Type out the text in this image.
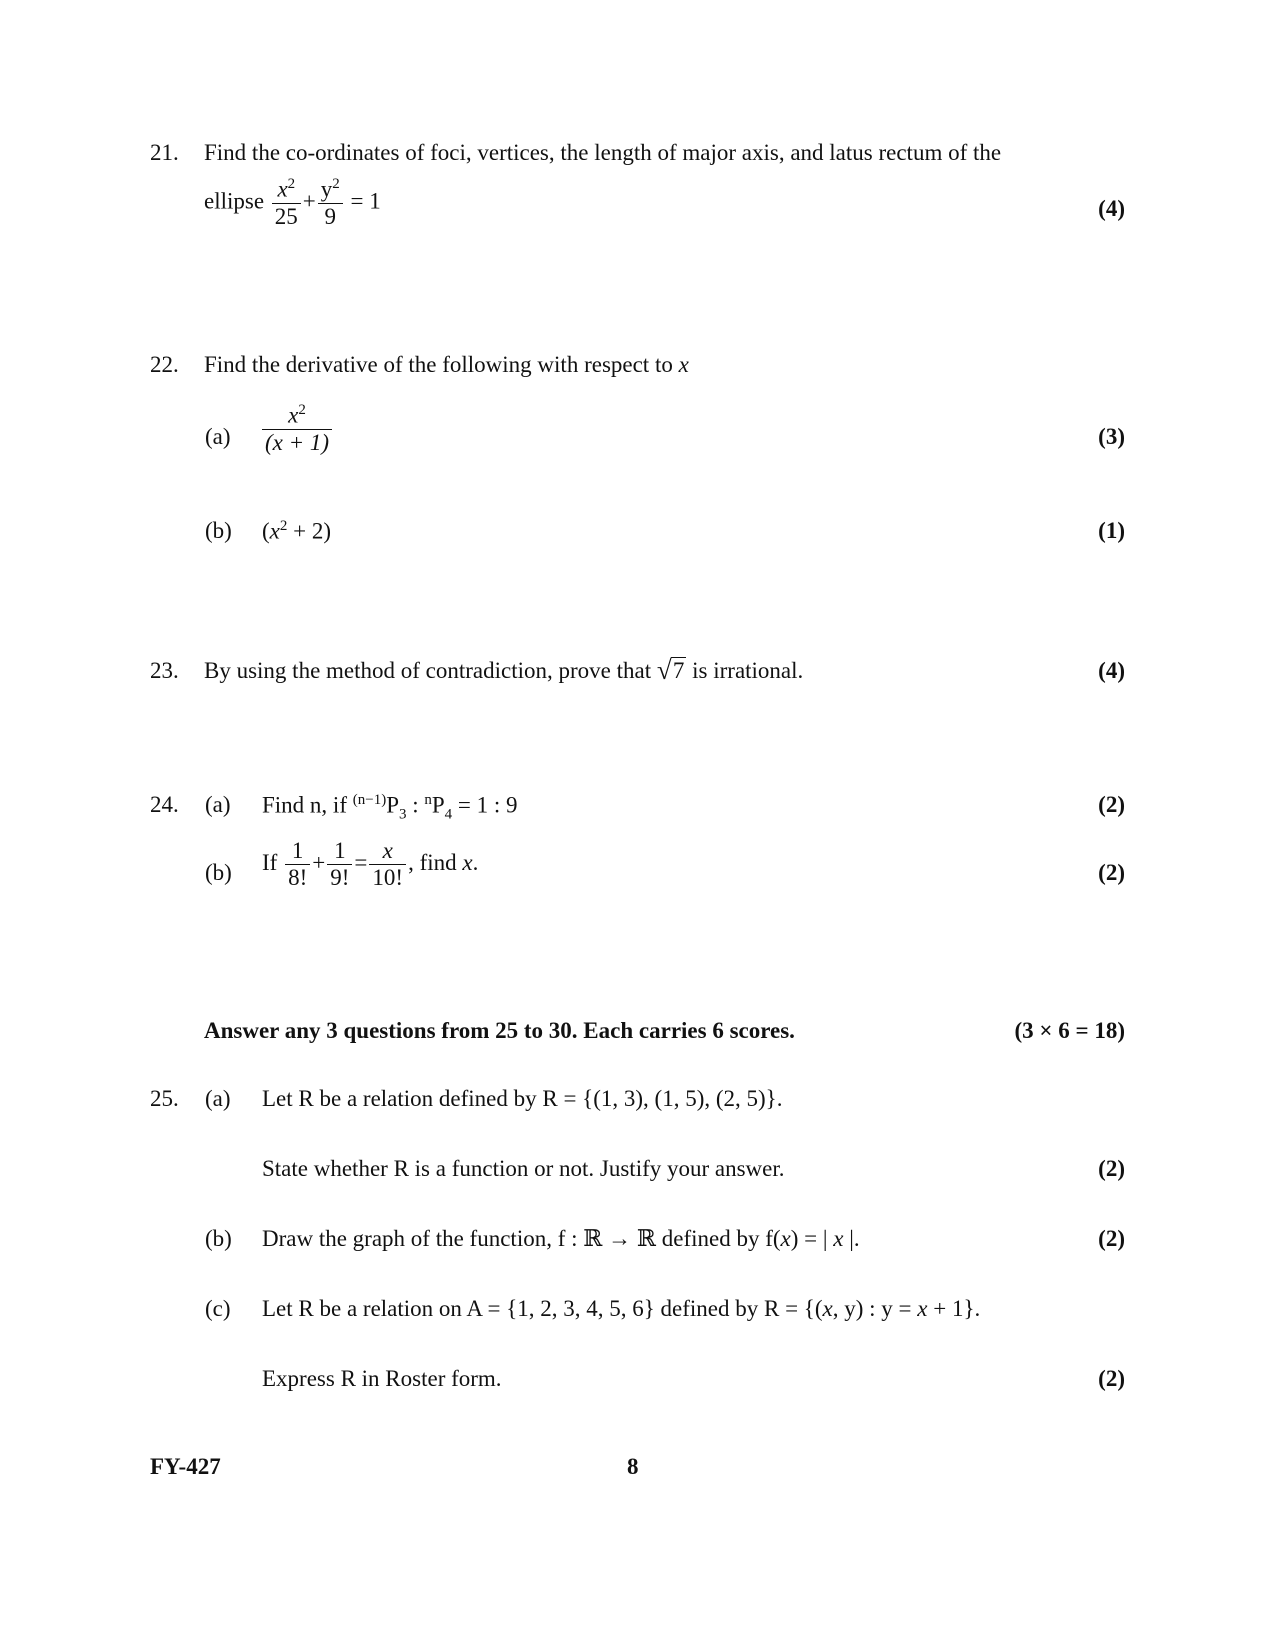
21. Find the co-ordinates of foci, vertices, the length of major axis, and latus rectum of the
ellipse $\frac{x^2}{25} + \frac{y^2}{9} = 1$	(4)
22. Find the derivative of the following with respect to x
$(a) \frac{x^2}{(x + 1)}$	(3)
(b) $(x^2 + 2)$	(1)
23. By using the method of contradiction, prove that √ 7 is irrational.	(4)
24. (a) Find n, if $^{(n-1)}P_3$ : $^nP_4 = 1$ : 9	(2)
(b) If $\frac{1}{8!} + \frac{1}{9!} = \frac{x}{10!}$ , find x.	(2)
Answer any 3 questions from 25 to 30. Each carries 6 scores.	(3 × 6 = 18)
25. (a) Let R be a relation defined by R = {(1, 3), (1, 5), (2, 5)}.
State whether R is a function or not. Justify your answer.	(2)
(b) Draw the graph of the function, f : ℝ → ℝ defined by f(x) = | x |.	(2)
(c) Let R be a relation on A = {1, 2, 3, 4, 5, 6} defined by R = {(x, y) : y = x + 1}.
Express R in Roster form.	(2)
FY-427	8
